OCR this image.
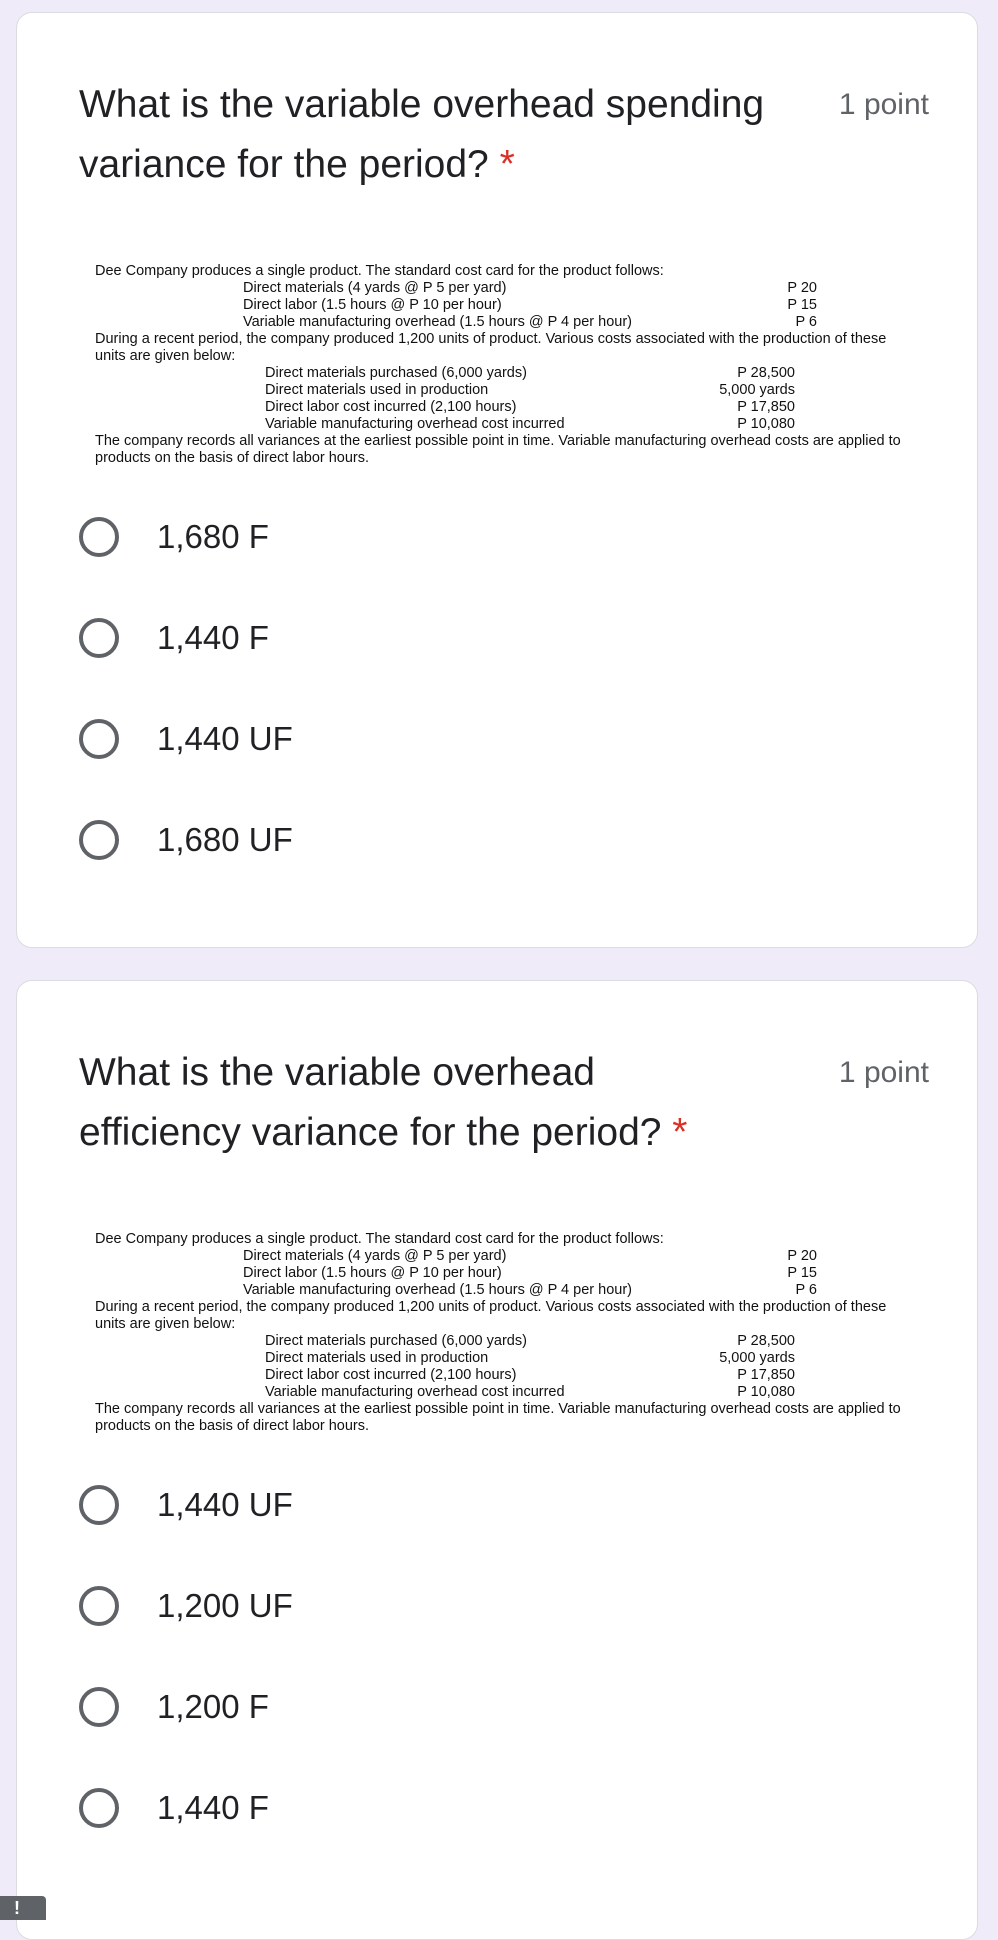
What is the variable overhead spending variance for the period? *
1 point

Dee Company produces a single product. The standard cost card for the product follows:

Direct materials (4 yards @ P 5 per yard)	P 20
Direct labor (1.5 hours @ P 10 per hour)	P 15
Variable manufacturing overhead (1.5 hours @ P 4 per hour)	P 6

During a recent period, the company produced 1,200 units of product. Various costs associated with the production of these units are given below:

Direct materials purchased (6,000 yards)	P 28,500
Direct materials used in production	5,000 yards
Direct labor cost incurred (2,100 hours)	P 17,850
Variable manufacturing overhead cost incurred	P 10,080

The company records all variances at the earliest possible point in time. Variable manufacturing overhead costs are applied to products on the basis of direct labor hours.

1,680 F
1,440 F
1,440 UF
1,680 UF
What is the variable overhead efficiency variance for the period? *
1 point

Dee Company produces a single product. The standard cost card for the product follows:

Direct materials (4 yards @ P 5 per yard)	P 20
Direct labor (1.5 hours @ P 10 per hour)	P 15
Variable manufacturing overhead (1.5 hours @ P 4 per hour)	P 6

During a recent period, the company produced 1,200 units of product. Various costs associated with the production of these units are given below:

Direct materials purchased (6,000 yards)	P 28,500
Direct materials used in production	5,000 yards
Direct labor cost incurred (2,100 hours)	P 17,850
Variable manufacturing overhead cost incurred	P 10,080

The company records all variances at the earliest possible point in time. Variable manufacturing overhead costs are applied to products on the basis of direct labor hours.

1,440 UF
1,200 UF
1,200 F
1,440 F
!
